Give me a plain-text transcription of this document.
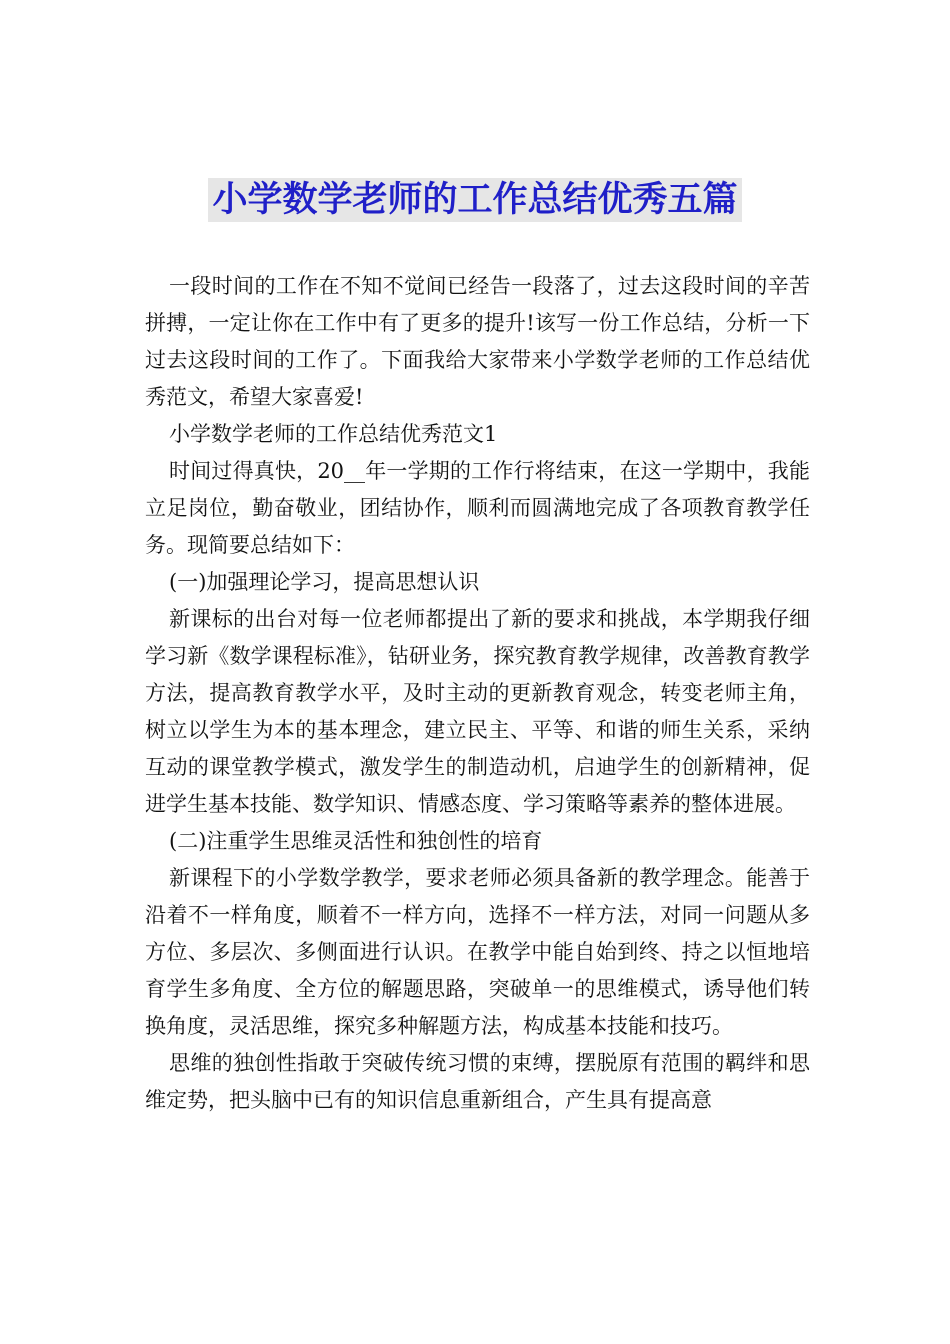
小学数学老师的工作总结优秀五篇

一段时间的工作在不知不觉间已经告一段落了，过去这段时间的辛苦拼搏，一定让你在工作中有了更多的提升!该写一份工作总结，分析一下过去这段时间的工作了。下面我给大家带来小学数学老师的工作总结优秀范文，希望大家喜爱!

小学数学老师的工作总结优秀范文1

时间过得真快，20__年一学期的工作行将结束，在这一学期中，我能立足岗位，勤奋敬业，团结协作，顺利而圆满地完成了各项教育教学任务。现简要总结如下：

(一)加强理论学习，提高思想认识

新课标的出台对每一位老师都提出了新的要求和挑战，本学期我仔细学习新《数学课程标准》，钻研业务，探究教育教学规律，改善教育教学方法，提高教育教学水平，及时主动的更新教育观念，转变老师主角，树立以学生为本的基本理念，建立民主、平等、和谐的师生关系，采纳互动的课堂教学模式，激发学生的制造动机，启迪学生的创新精神，促进学生基本技能、数学知识、情感态度、学习策略等素养的整体进展。

(二)注重学生思维灵活性和独创性的培育

新课程下的小学数学教学，要求老师必须具备新的教学理念。能善于沿着不一样角度，顺着不一样方向，选择不一样方法，对同一问题从多方位、多层次、多侧面进行认识。在教学中能自始到终、持之以恒地培育学生多角度、全方位的解题思路，突破单一的思维模式，诱导他们转换角度，灵活思维，探究多种解题方法，构成基本技能和技巧。

思维的独创性指敢于突破传统习惯的束缚，摆脱原有范围的羁绊和思维定势，把头脑中已有的知识信息重新组合，产生具有提高意
